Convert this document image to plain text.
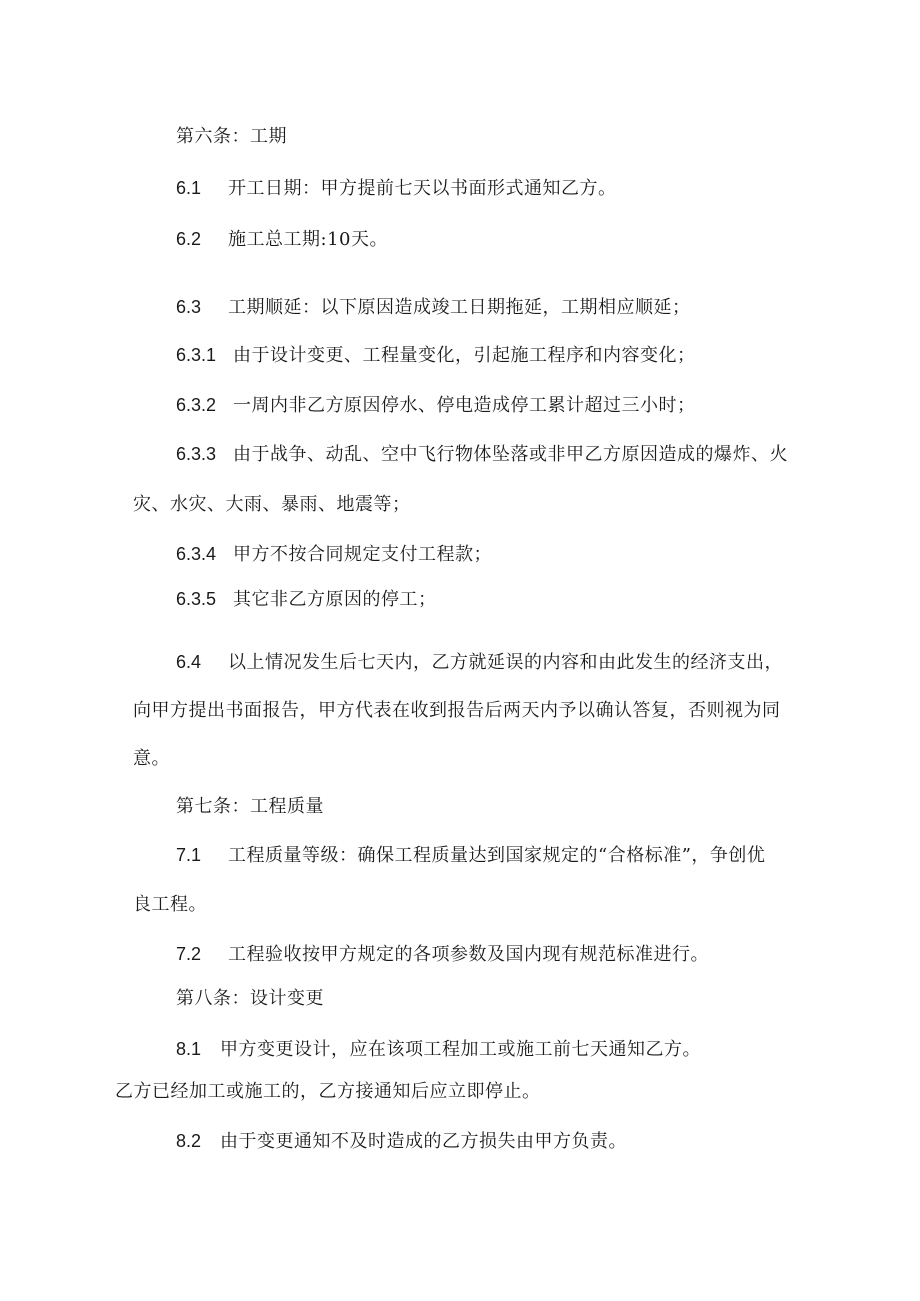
第六条：工期
6.1 开工日期：甲方提前七天以书面形式通知乙方。
6.2 施工总工期:10天。
6.3 工期顺延：以下原因造成竣工日期拖延，工期相应顺延；
6.3.1 由于设计变更、工程量变化，引起施工程序和内容变化；
6.3.2 一周内非乙方原因停水、停电造成停工累计超过三小时；
6.3.3 由于战争、动乱、空中飞行物体坠落或非甲乙方原因造成的爆炸、火
灾、水灾、大雨、暴雨、地震等；
6.3.4 甲方不按合同规定支付工程款；
6.3.5 其它非乙方原因的停工；
6.4 以上情况发生后七天内，乙方就延误的内容和由此发生的经济支出，
向甲方提出书面报告，甲方代表在收到报告后两天内予以确认答复，否则视为同
意。
第七条：工程质量
7.1 工程质量等级：确保工程质量达到国家规定的“合格标准”，争创优
良工程。
7.2 工程验收按甲方规定的各项参数及国内现有规范标准进行。
第八条：设计变更
8.1 甲方变更设计，应在该项工程加工或施工前七天通知乙方。
乙方已经加工或施工的，乙方接通知后应立即停止。
8.2 由于变更通知不及时造成的乙方损失由甲方负责。
